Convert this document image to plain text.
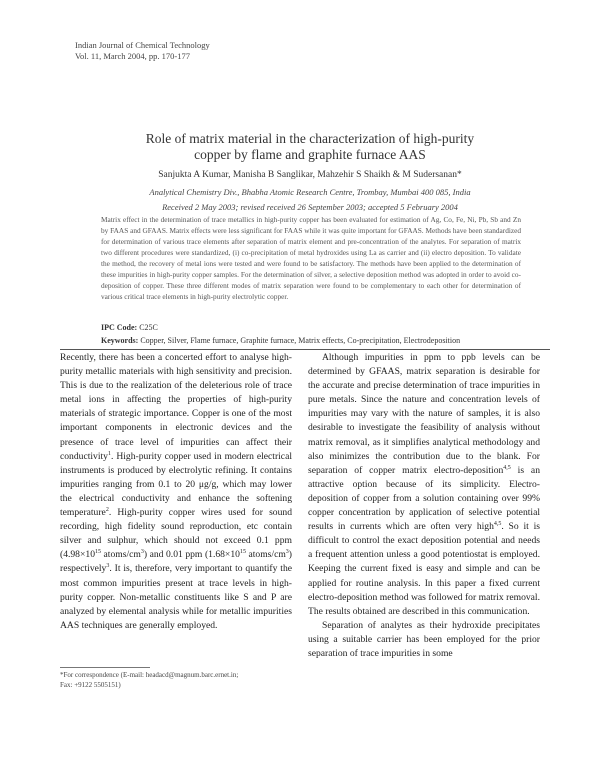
Indian Journal of Chemical Technology
Vol. 11, March 2004, pp. 170-177
Role of matrix material in the characterization of high-purity
copper by flame and graphite furnace AAS
Sanjukta A Kumar, Manisha B Sanglikar, Mahzehir S Shaikh & M Sudersanan*
Analytical Chemistry Div., Bhabha Atomic Research Centre, Trombay, Mumbai 400 085, India
Received 2 May 2003; revised received 26 September 2003; accepted 5 February 2004
Matrix effect in the determination of trace metallics in high-purity copper has been evaluated for estimation of Ag, Co, Fe, Ni, Pb, Sb and Zn by FAAS and GFAAS. Matrix effects were less significant for FAAS while it was quite important for GFAAS. Methods have been standardized for determination of various trace elements after separation of matrix element and pre-concentration of the analytes. For separation of matrix two different procedures were standardized, (i) co-precipitation of metal hydroxides using La as carrier and (ii) electro deposition. To validate the method, the recovery of metal ions were tested and were found to be satisfactory. The methods have been applied to the determination of these impurities in high-purity copper samples. For the determination of silver, a selective deposition method was adopted in order to avoid co-deposition of copper. These three different modes of matrix separation were found to be complementary to each other for determination of various critical trace elements in high-purity electrolytic copper.
IPC Code: C25C
Keywords: Copper, Silver, Flame furnace, Graphite furnace, Matrix effects, Co-precipitation, Electrodeposition

Recently, there has been a concerted effort to analyse high-purity metallic materials with high sensitivity and precision. This is due to the realization of the deleterious role of trace metal ions in affecting the properties of high-purity materials of strategic importance. Copper is one of the most important components in electronic devices and the presence of trace level of impurities can affect their conductivity$^1$. High-purity copper used in modern electrical instruments is produced by electrolytic refining. It contains impurities ranging from 0.1 to 20 μg/g, which may lower the electrical conductivity and enhance the softening temperature$^2$. High-purity copper wires used for sound recording, high fidelity sound reproduction, etc contain silver and sulphur, which should not exceed 0.1 ppm ($4.98\times 10^{15}$ atoms/$cm^3$) and 0.01 ppm ($1.68\times 10^{15}$ atoms/$cm^3$) respectively$^3$. It is, therefore, very important to quantify the most common impurities present at trace levels in high-purity copper. Non-metallic constituents like S and P are analyzed by elemental analysis while for metallic impurities AAS techniques are generally employed.

Although impurities in ppm to ppb levels can be determined by GFAAS, matrix separation is desirable for the accurate and precise determination of trace impurities in pure metals. Since the nature and concentration levels of impurities may vary with the nature of samples, it is also desirable to investigate the feasibility of analysis without matrix removal, as it simplifies analytical methodology and also minimizes the contribution due to the blank. For separation of copper matrix electro-deposition$^{4,5}$ is an attractive option because of its simplicity. Electro-deposition of copper from a solution containing over 99% copper concentration by application of selective potential results in currents which are often very high$^{4,5}$. So it is difficult to control the exact deposition potential and needs a frequent attention unless a good potentiostat is employed. Keeping the current fixed is easy and simple and can be applied for routine analysis. In this paper a fixed current electro-deposition method was followed for matrix removal. The results obtained are described in this communication.

Separation of analytes as their hydroxide precipitates using a suitable carrier has been employed for the prior separation of trace impurities in some

*For correspondence (E-mail: headacd@magnum.barc.ernet.in;
Fax: +9122 5505151)
